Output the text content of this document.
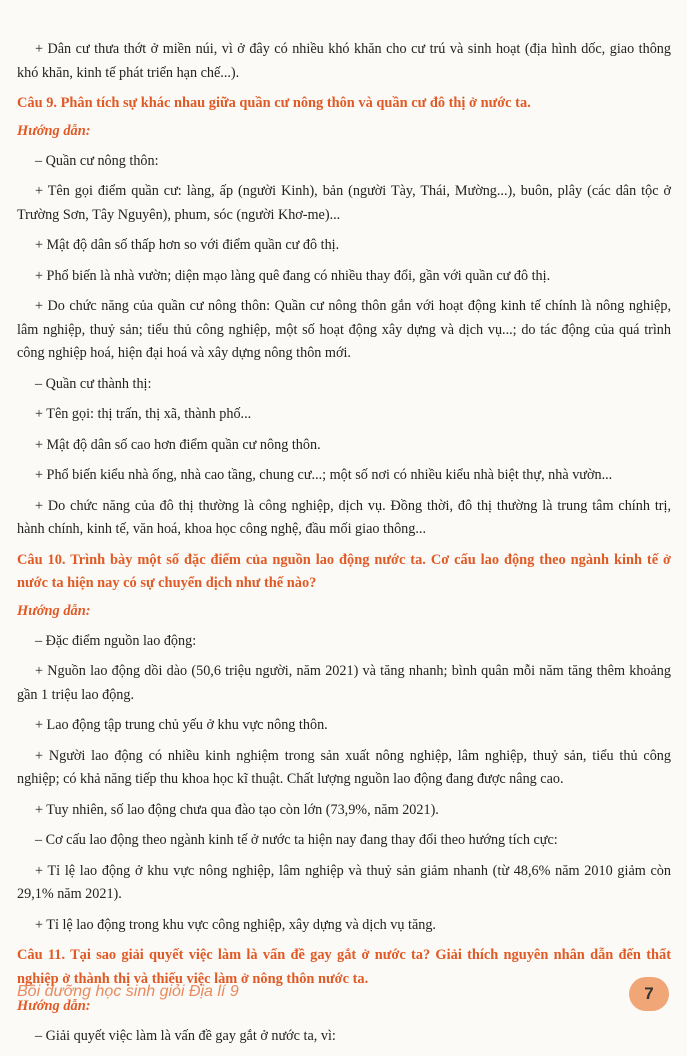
+ Dân cư thưa thớt ở miền núi, vì ở đây có nhiều khó khăn cho cư trú và sinh hoạt (địa hình dốc, giao thông khó khăn, kinh tế phát triển hạn chế...).

Câu 9. Phân tích sự khác nhau giữa quần cư nông thôn và quần cư đô thị ở nước ta.

Hướng dẫn:

– Quần cư nông thôn:

+ Tên gọi điểm quần cư: làng, ấp (người Kinh), bản (người Tày, Thái, Mường...), buôn, plây (các dân tộc ở Trường Sơn, Tây Nguyên), phum, sóc (người Khơ-me)...

+ Mật độ dân số thấp hơn so với điểm quần cư đô thị.

+ Phổ biến là nhà vườn; diện mạo làng quê đang có nhiều thay đổi, gần với quần cư đô thị.

+ Do chức năng của quần cư nông thôn: Quần cư nông thôn gắn với hoạt động kinh tế chính là nông nghiệp, lâm nghiệp, thuỷ sản; tiểu thủ công nghiệp, một số hoạt động xây dựng và dịch vụ...; do tác động của quá trình công nghiệp hoá, hiện đại hoá và xây dựng nông thôn mới.

– Quần cư thành thị:

+ Tên gọi: thị trấn, thị xã, thành phố...

+ Mật độ dân số cao hơn điểm quần cư nông thôn.

+ Phổ biến kiểu nhà ống, nhà cao tầng, chung cư...; một số nơi có nhiều kiểu nhà biệt thự, nhà vườn...

+ Do chức năng của đô thị thường là công nghiệp, dịch vụ. Đồng thời, đô thị thường là trung tâm chính trị, hành chính, kinh tế, văn hoá, khoa học công nghệ, đầu mối giao thông...

Câu 10. Trình bày một số đặc điểm của nguồn lao động nước ta. Cơ cấu lao động theo ngành kinh tế ở nước ta hiện nay có sự chuyển dịch như thế nào?

Hướng dẫn:

– Đặc điểm nguồn lao động:

+ Nguồn lao động dồi dào (50,6 triệu người, năm 2021) và tăng nhanh; bình quân mỗi năm tăng thêm khoảng gần 1 triệu lao động.

+ Lao động tập trung chủ yếu ở khu vực nông thôn.

+ Người lao động có nhiều kinh nghiệm trong sản xuất nông nghiệp, lâm nghiệp, thuỷ sản, tiểu thủ công nghiệp; có khả năng tiếp thu khoa học kĩ thuật. Chất lượng nguồn lao động đang được nâng cao.

+ Tuy nhiên, số lao động chưa qua đào tạo còn lớn (73,9%, năm 2021).

– Cơ cấu lao động theo ngành kinh tế ở nước ta hiện nay đang thay đổi theo hướng tích cực:

+ Tỉ lệ lao động ở khu vực nông nghiệp, lâm nghiệp và thuỷ sản giảm nhanh (từ 48,6% năm 2010 giảm còn 29,1% năm 2021).

+ Tỉ lệ lao động trong khu vực công nghiệp, xây dựng và dịch vụ tăng.

Câu 11. Tại sao giải quyết việc làm là vấn đề gay gắt ở nước ta? Giải thích nguyên nhân dẫn đến thất nghiệp ở thành thị và thiếu việc làm ở nông thôn nước ta.

Hướng dẫn:

– Giải quyết việc làm là vấn đề gay gắt ở nước ta, vì:

Bồi dưỡng học sinh giỏi Địa lí 9	7
